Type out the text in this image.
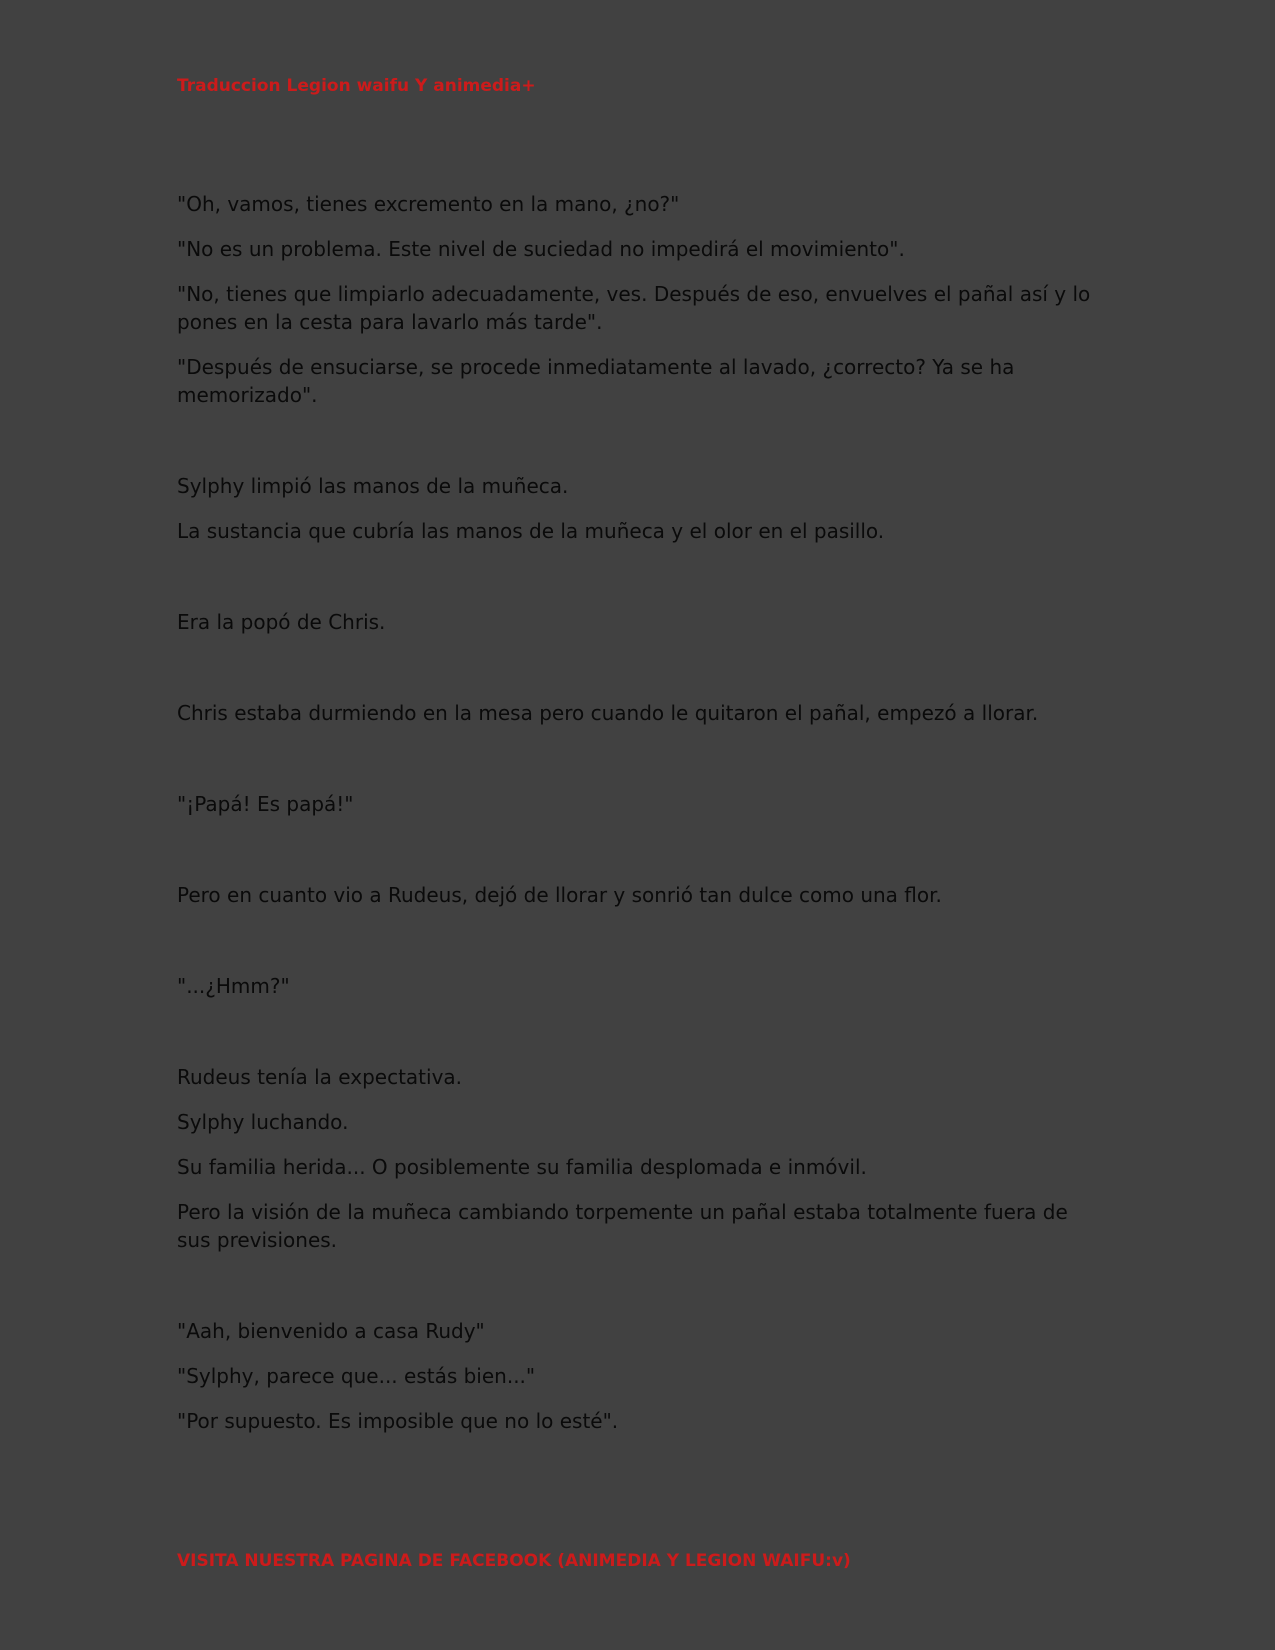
Traduccion Legion waifu Y animedia+

"Oh, vamos, tienes excremento en la mano, ¿no?"

"No es un problema. Este nivel de suciedad no impedirá el movimiento".

"No, tienes que limpiarlo adecuadamente, ves. Después de eso, envuelves el pañal así y lo pones en la cesta para lavarlo más tarde".

"Después de ensuciarse, se procede inmediatamente al lavado, ¿correcto? Ya se ha memorizado".

Sylphy limpió las manos de la muñeca.

La sustancia que cubría las manos de la muñeca y el olor en el pasillo.

Era la popó de Chris.

Chris estaba durmiendo en la mesa pero cuando le quitaron el pañal, empezó a llorar.

"¡Papá! Es papá!"

Pero en cuanto vio a Rudeus, dejó de llorar y sonrió tan dulce como una flor.

"...¿Hmm?"

Rudeus tenía la expectativa.

Sylphy luchando.

Su familia herida... O posiblemente su familia desplomada e inmóvil.

Pero la visión de la muñeca cambiando torpemente un pañal estaba totalmente fuera de sus previsiones.

"Aah, bienvenido a casa Rudy"

"Sylphy, parece que... estás bien..."

"Por supuesto. Es imposible que no lo esté".

VISITA NUESTRA PAGINA DE FACEBOOK (ANIMEDIA Y LEGION WAIFU:v)
